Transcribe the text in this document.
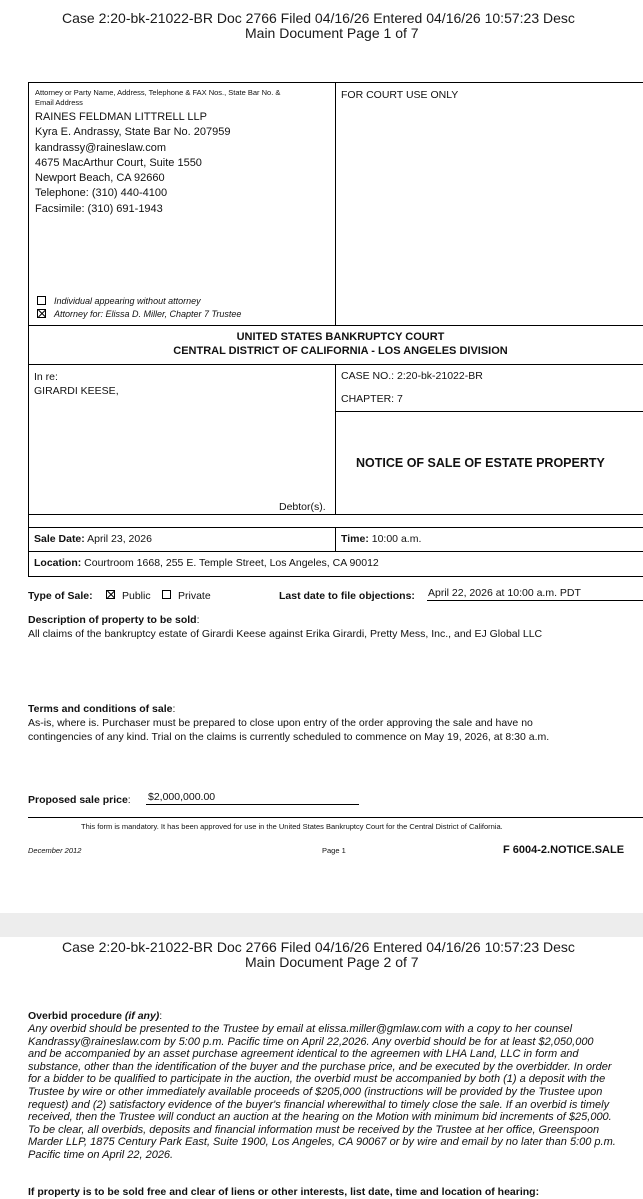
Case 2:20-bk-21022-BR Doc 2766 Filed 04/16/26 Entered 04/16/26 10:57:23 Desc
Main Document Page 1 of 7
Attorney or Party Name, Address, Telephone & FAX Nos., State Bar No. &
Email Address
RAINES FELDMAN LITTRELL LLP
Kyra E. Andrassy, State Bar No. 207959
kandrassy@raineslaw.com
4675 MacArthur Court, Suite 1550
Newport Beach, CA 92660
Telephone: (310) 440-4100
Facsimile: (310) 691-1943
Individual appearing without attorney
Attorney for: Elissa D. Miller, Chapter 7 Trustee
FOR COURT USE ONLY
UNITED STATES BANKRUPTCY COURT
CENTRAL DISTRICT OF CALIFORNIA - LOS ANGELES DIVISION
In re:
GIRARDI KEESE,
Debtor(s).
CASE NO.: 2:20-bk-21022-BR
CHAPTER: 7
NOTICE OF SALE OF ESTATE PROPERTY
Sale Date: April 23, 2026	Time: 10:00 a.m.
Location: Courtroom 1668, 255 E. Temple Street, Los Angeles, CA 90012
Type of Sale:	Public	Private	Last date to file objections: April 22, 2026 at 10:00 a.m. PDT
Description of property to be sold:
All claims of the bankruptcy estate of Girardi Keese against Erika Girardi, Pretty Mess, Inc., and EJ Global LLC
Terms and conditions of sale:
As-is, where is. Purchaser must be prepared to close upon entry of the order approving the sale and have no
contingencies of any kind. Trial on the claims is currently scheduled to commence on May 19, 2026, at 8:30 a.m.
Proposed sale price: $2,000,000.00
This form is mandatory. It has been approved for use in the United States Bankruptcy Court for the Central District of California.
December 2012	Page 1	F 6004-2.NOTICE.SALE
Case 2:20-bk-21022-BR Doc 2766 Filed 04/16/26 Entered 04/16/26 10:57:23 Desc
Main Document Page 2 of 7
Overbid procedure (if any):
Any overbid should be presented to the Trustee by email at elissa.miller@gmlaw.com with a copy to her counsel
Kandrassy@raineslaw.com by 5:00 p.m. Pacific time on April 22,2026. Any overbid should be for at least $2,050,000
and be accompanied by an asset purchase agreement identical to the agreemen with LHA Land, LLC in form and
substance, other than the identification of the buyer and the purchase price, and be executed by the overbidder. In order
for a bidder to be qualified to participate in the auction, the overbid must be accompanied by both (1) a deposit with the
Trustee by wire or other immediately available proceeds of $205,000 (instructions will be provided by the Trustee upon
request) and (2) satisfactory evidence of the buyer's financial wherewithal to timely close the sale. If an overbid is timely
received, then the Trustee will conduct an auction at the hearing on the Motion with minimum bid increments of $25,000.
To be clear, all overbids, deposits and financial information must be received by the Trustee at her office, Greenspoon
Marder LLP, 1875 Century Park East, Suite 1900, Los Angeles, CA 90067 or by wire and email by no later than 5:00 p.m.
Pacific time on April 22, 2026.
If property is to be sold free and clear of liens or other interests, list date, time and location of hearing:
